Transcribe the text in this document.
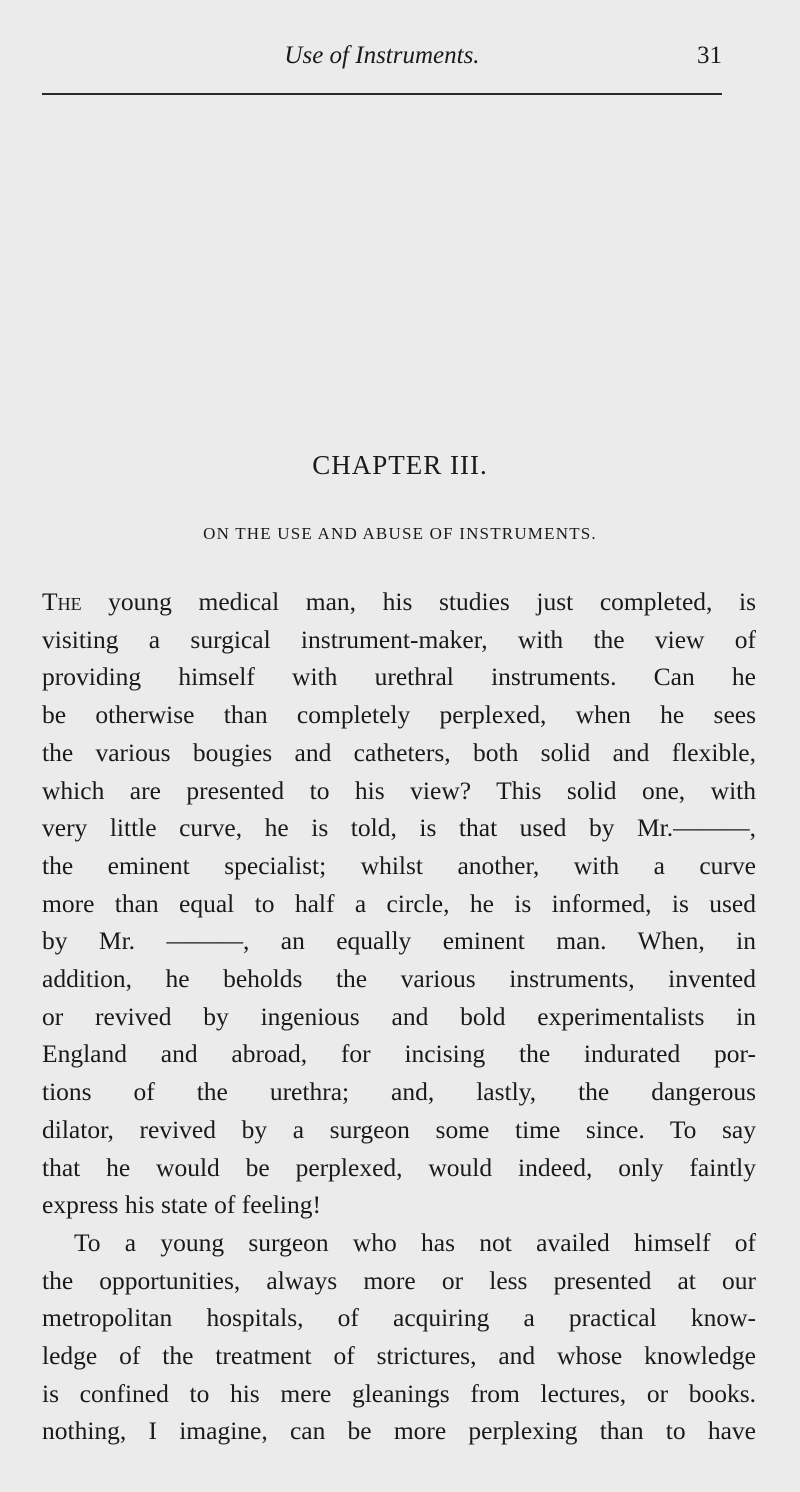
Use of Instruments.	31
CHAPTER III.
ON THE USE AND ABUSE OF INSTRUMENTS.
The young medical man, his studies just completed, is
visiting a surgical instrument-maker, with the view of
providing himself with urethral instruments. Can he
be otherwise than completely perplexed, when he sees
the various bougies and catheters, both solid and flexible,
which are presented to his view? This solid one, with
very little curve, he is told, is that used by Mr.———,
the eminent specialist; whilst another, with a curve
more than equal to half a circle, he is informed, is used
by Mr. ———, an equally eminent man. When, in
addition, he beholds the various instruments, invented
or revived by ingenious and bold experimentalists in
England and abroad, for incising the indurated por-
tions of the urethra; and, lastly, the dangerous
dilator, revived by a surgeon some time since. To say
that he would be perplexed, would indeed, only faintly
express his state of feeling!
To a young surgeon who has not availed himself of
the opportunities, always more or less presented at our
metropolitan hospitals, of acquiring a practical know-
ledge of the treatment of strictures, and whose knowledge
is confined to his mere gleanings from lectures, or books.
nothing, I imagine, can be more perplexing than to have
